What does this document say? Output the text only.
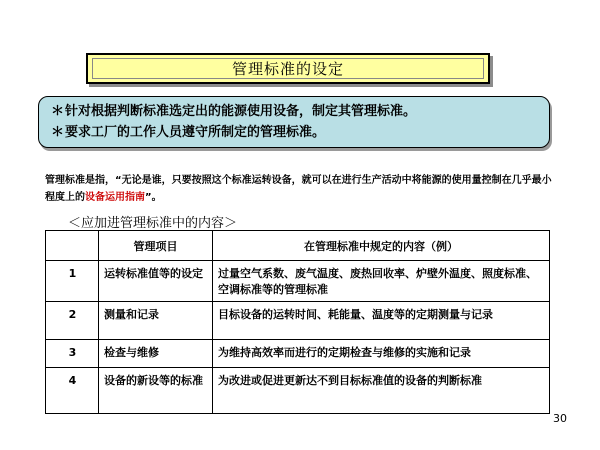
管理标准的设定
＊针对根据判断标准选定出的能源使用设备，制定其管理标准。
＊要求工厂的工作人员遵守所制定的管理标准。
管理标准是指，“无论是谁，只要按照这个标准运转设备，就可以在进行生产活动中将能源的使用量控制在几乎最小程度上的设备运用指南”。
＜应加进管理标准中的内容＞
	管理项目	在管理标准中规定的内容（例）
1	运转标准值等的设定	过量空气系数、废气温度、废热回收率、炉壁外温度、照度标准、空调标准等的管理标准
2	测量和记录	目标设备的运转时间、耗能量、温度等的定期测量与记录
3	检查与维修	为维持高效率而进行的定期检查与维修的实施和记录
4	设备的新设等的标准	为改进或促进更新达不到目标标准值的设备的判断标准
30
